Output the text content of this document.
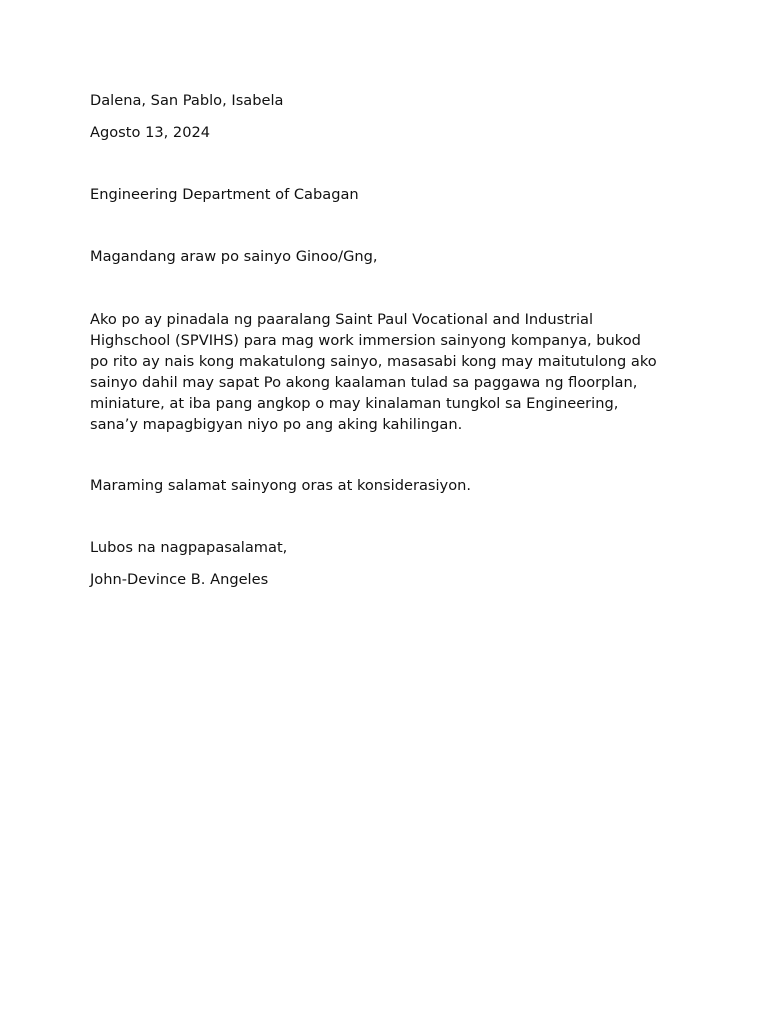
Dalena, San Pablo, Isabela
Agosto 13, 2024
Engineering Department of Cabagan
Magandang araw po sainyo Ginoo/Gng,
Ako po ay pinadala ng paaralang Saint Paul Vocational and Industrial
Highschool (SPVIHS) para mag work immersion sainyong kompanya, bukod
po rito ay nais kong makatulong sainyo, masasabi kong may maitutulong ako
sainyo dahil may sapat Po akong kaalaman tulad sa paggawa ng floorplan,
miniature, at iba pang angkop o may kinalaman tungkol sa Engineering,
sana’y mapagbigyan niyo po ang aking kahilingan.
Maraming salamat sainyong oras at konsiderasiyon.
Lubos na nagpapasalamat,
John-Devince B. Angeles
